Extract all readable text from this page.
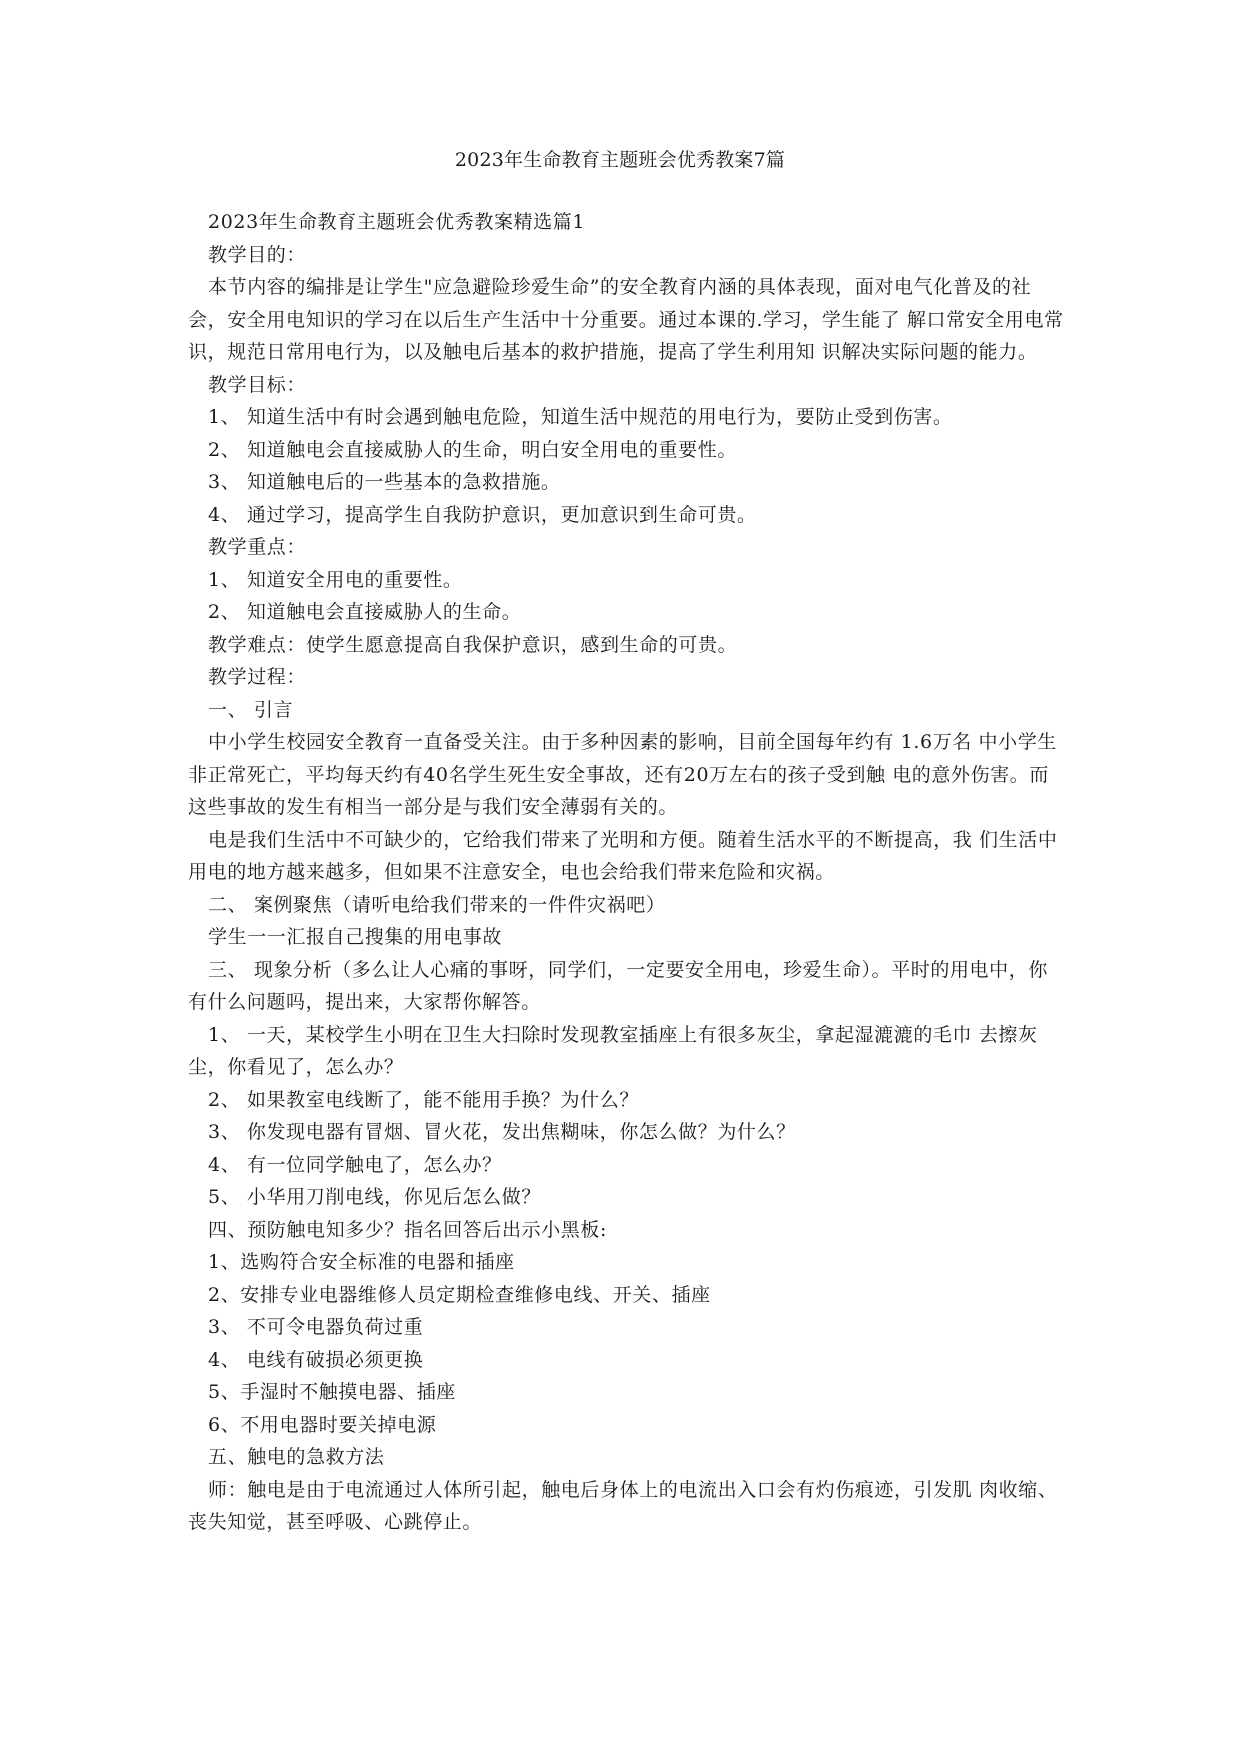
2023年生命教育主题班会优秀教案7篇

2023年生命教育主题班会优秀教案精选篇1

教学目的：

本节内容的编排是让学生"应急避险珍爱生命”的安全教育内涵的具体表现，面对电气化普及的社会，安全用电知识的学习在以后生产生活中十分重要。通过本课的.学习，学生能了 解口常安全用电常识，规范日常用电行为，以及触电后基本的救护措施，提高了学生利用知 识解决实际问题的能力。

教学目标：

1、 知道生活中有时会遇到触电危险，知道生活中规范的用电行为，要防止受到伤害。

2、 知道触电会直接威胁人的生命，明白安全用电的重要性。

3、 知道触电后的一些基本的急救措施。

4、 通过学习，提高学生自我防护意识，更加意识到生命可贵。

教学重点：

1、 知道安全用电的重要性。

2、 知道触电会直接威胁人的生命。

教学难点：使学生愿意提高自我保护意识，感到生命的可贵。

教学过程：

一、 引言

中小学生校园安全教育一直备受关注。由于多种因素的影响，目前全国每年约有 1.6万名 中小学生非正常死亡，平均每天约有40名学生死生安全事故，还有20万左右的孩子受到触 电的意外伤害。而这些事故的发生有相当一部分是与我们安全薄弱有关的。

电是我们生活中不可缺少的，它给我们带来了光明和方便。随着生活水平的不断提高，我 们生活中用电的地方越来越多，但如果不注意安全，电也会给我们带来危险和灾祸。

二、 案例聚焦（请听电给我们带来的一件件灾祸吧）

学生一一汇报自己搜集的用电事故

三、 现象分析（多么让人心痛的事呀，同学们，一定要安全用电，珍爱生命）。平时的用电中，你有什么问题吗，提出来，大家帮你解答。

1、 一天，某校学生小明在卫生大扫除时发现教室插座上有很多灰尘，拿起湿漉漉的毛巾 去擦灰尘，你看见了，怎么办？

2、 如果教室电线断了，能不能用手换？为什么？

3、 你发现电器有冒烟、冒火花，发出焦糊味，你怎么做？为什么？

4、 有一位同学触电了，怎么办？

5、 小华用刀削电线，你见后怎么做？

四、预防触电知多少？指名回答后出示小黑板:

1、选购符合安全标准的电器和插座

2、安排专业电器维修人员定期检查维修电线、开关、插座

3、 不可令电器负荷过重

4、 电线有破损必须更换

5、手湿时不触摸电器、插座

6、不用电器时要关掉电源

五、触电的急救方法

师：触电是由于电流通过人体所引起，触电后身体上的电流出入口会有灼伤痕迹，引发肌 肉收缩、丧失知觉，甚至呼吸、心跳停止。
